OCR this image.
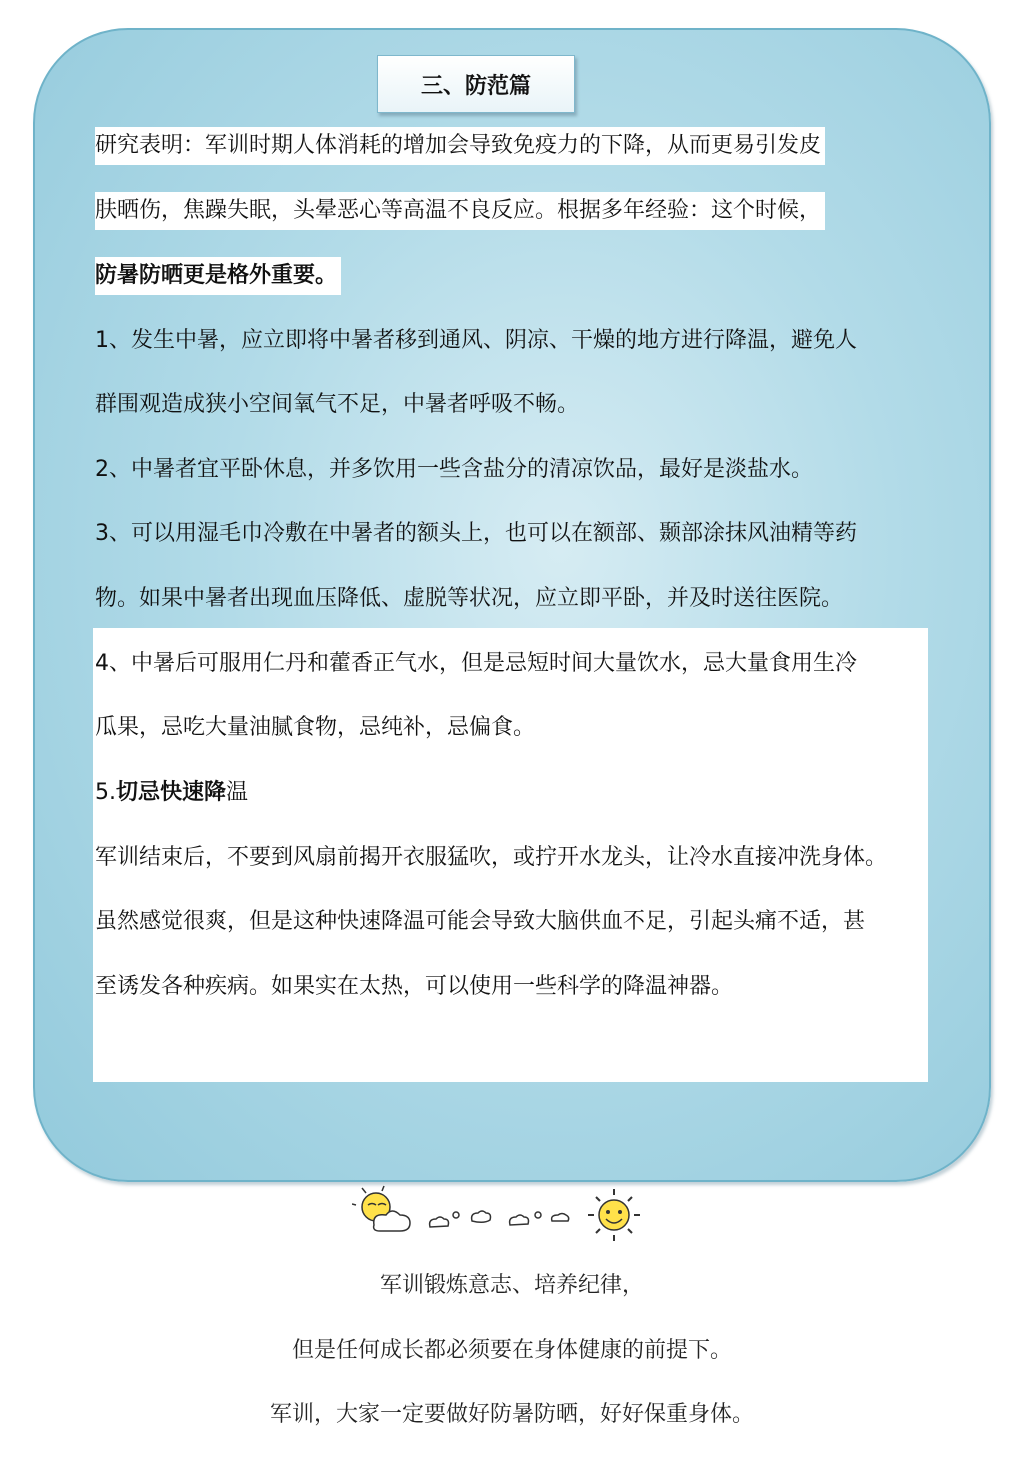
三、防范篇
研究表明：军训时期人体消耗的增加会导致免疫力的下降，从而更易引发皮
肤晒伤，焦躁失眠，头晕恶心等高温不良反应。根据多年经验：这个时候，
防暑防晒更是格外重要。
1、发生中暑，应立即将中暑者移到通风、阴凉、干燥的地方进行降温，避免人
群围观造成狭小空间氧气不足，中暑者呼吸不畅。
2、中暑者宜平卧休息，并多饮用一些含盐分的清凉饮品，最好是淡盐水。
3、可以用湿毛巾冷敷在中暑者的额头上，也可以在额部、颞部涂抹风油精等药
物。如果中暑者出现血压降低、虚脱等状况，应立即平卧，并及时送往医院。
4、中暑后可服用仁丹和藿香正气水，但是忌短时间大量饮水，忌大量食用生冷
瓜果，忌吃大量油腻食物，忌纯补，忌偏食。
5.切忌快速降温
军训结束后，不要到风扇前揭开衣服猛吹，或拧开水龙头，让冷水直接冲洗身体。
虽然感觉很爽，但是这种快速降温可能会导致大脑供血不足，引起头痛不适，甚
至诱发各种疾病。如果实在太热，可以使用一些科学的降温神器。
军训锻炼意志、培养纪律，
但是任何成长都必须要在身体健康的前提下。
军训，大家一定要做好防暑防晒，好好保重身体。
